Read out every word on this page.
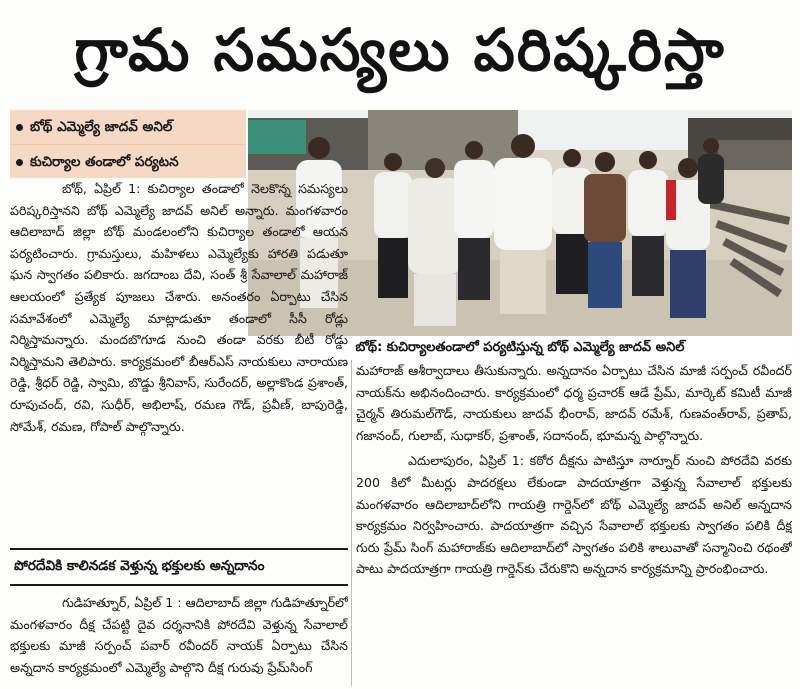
గ్రామ సమస్యలు పరిష్కరిస్తా
బోథ్ ఎమ్మెల్యే జాదవ్ అనిల్
కుచిర్యాల తండాలో పర్యటన
బోథ్: కుచిర్యాలతండాలో పర్యటిస్తున్న బోథ్ ఎమ్మెల్యే జాదవ్ అనిల్

బోథ్, ఏప్రిల్ 1: కుచిర్యాల తండాలో నెలకొన్న సమస్యలు పరిష్కరిస్తానని బోథ్ ఎమ్మెల్యే జాదవ్ అనిల్ అన్నారు. మంగళవారం ఆదిలాబాద్ జిల్లా బోథ్ మండలంలోని కుచిర్యాల తండాలో ఆయన పర్యటించారు. గ్రామస్తులు, మహిళలు ఎమ్మెల్యేకు హారతి పడుతూ ఘన స్వాగతం పలికారు. జగదాంబ దేవి, సంత్ శ్రీ సేవాలాల్ మహారాజ్ ఆలయంలో ప్రత్యేక పూజలు చేశారు. అనంతరం ఏర్పాటు చేసిన సమావేశంలో ఎమ్మెల్యే మాట్లాడుతూ తండాలో సీసీ రోడ్లు నిర్మిస్తామన్నారు. మందబొగూడ నుంచి తండా వరకు బీటీ రోడ్డు నిర్మిస్తామని తెలిపారు. కార్యక్రమంలో బీఆర్ఎస్ నాయకులు నారాయణ రెడ్డి, శ్రీధర్ రెడ్డి, స్వామి, బొడ్డు శ్రీనివాస్, సురేందర్, అల్లాకొండ ప్రశాంత్, రూపుచంద్, రవి, సుధీర్, అభిలాష్, రమణ గౌడ్, ప్రవీణ్, బాపురెడ్డి, సోమేశ్, రమణ, గోపాల్ పాల్గొన్నారు.

పోరదేవికి కాలినడక వెళ్తున్న భక్తులకు అన్నదానం

గుడిహత్నూర్, ఏప్రిల్ 1 : ఆదిలాబాద్ జిల్లా గుడిహత్నూర్‌లో మంగళవారం దీక్ష చేపట్టి దైవ దర్శనానికి పోరదేవి వెళ్తున్న సేవాలాల్ భక్తులకు మాజీ సర్పంచ్ పవార్ రవీందర్ నాయక్ ఏర్పాటు చేసిన అన్నదాన కార్యక్రమంలో ఎమ్మెల్యే పాల్గొని దీక్ష గురువు ప్రేమ్‌సింగ్

మహారాజ్ ఆశీర్వాదాలు తీసుకున్నారు. అన్నదానం ఏర్పాటు చేసిన మాజీ సర్పంచ్ రవీందర్ నాయక్‌ను అభినందించారు. కార్యక్రమంలో ధర్మ ప్రచారక్ ఆడే ప్రేమ్, మార్కెట్ కమిటీ మాజీ చైర్మన్ తిరుమల్‌గౌడ్, నాయకులు జాదవ్ భీంరావ్, జాదవ్ రమేశ్, గుణవంత్‌రావ్, ప్రతాప్, గజానంద్, గులాబ్, సుధాకర్, ప్రశాంత్, సదానంద్, భూమన్న పాల్గొన్నారు.

ఎదులాపురం, ఏప్రిల్ 1: కఠోర దీక్షను పాటిస్తూ నార్నూర్ నుంచి పోరదేవి వరకు 200 కిలో మీటర్లు పాదరక్షలు లేకుండా పాదయాత్రగా వెళ్తున్న సేవాలాల్ భక్తులకు మంగళవారం ఆదిలాబాద్‌లోని గాయత్రి గార్డెన్‌లో బోథ్ ఎమ్మెల్యే జాదవ్ అనిల్ అన్నదాన కార్యక్రమం నిర్వహించారు. పాదయాత్రగా వచ్చిన సేవాలాల్ భక్తులకు స్వాగతం పలికి దీక్ష గురు ప్రేమ్ సింగ్ మహారాజ్‌కు ఆదిలాబాద్‌లో స్వాగతం పలికి శాలువాతో సన్మానించి రథంతో పాటు పాదయాత్రగా గాయత్రి గార్డెన్‌కు చేరుకొని అన్నదాన కార్యక్రమాన్ని ప్రారంభించారు.
